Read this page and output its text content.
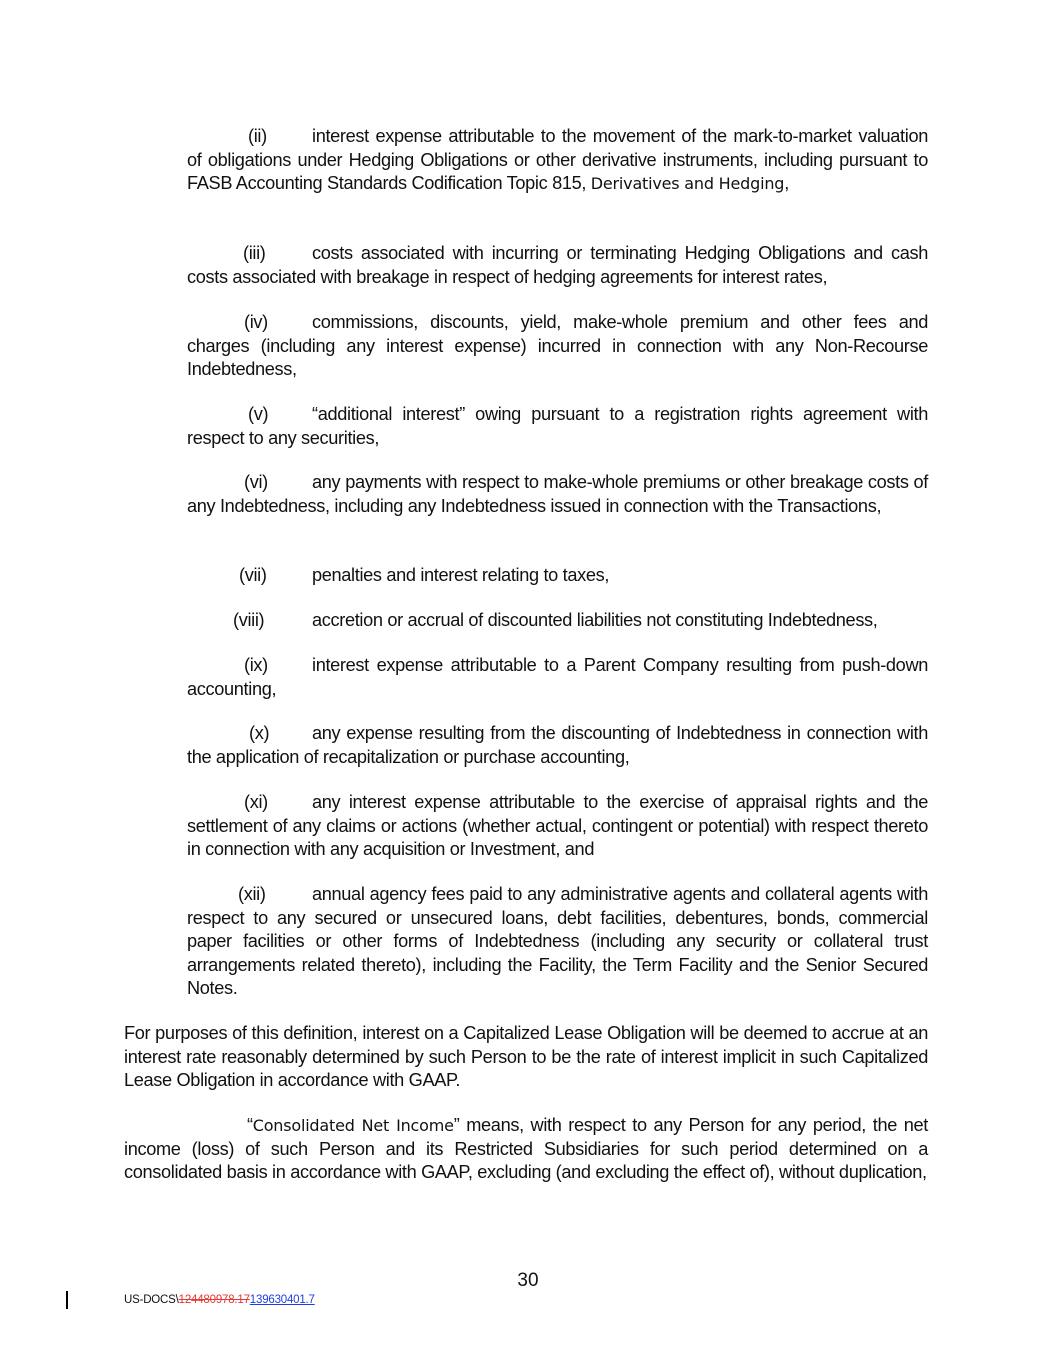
(ii) interest expense attributable to the movement of the mark-to-market valuation of obligations under Hedging Obligations or other derivative instruments, including pursuant to FASB Accounting Standards Codification Topic 815, Derivatives and Hedging,
(iii)	costs associated with incurring or terminating Hedging Obligations and cash costs associated with breakage in respect of hedging agreements for interest rates,
(iv) commissions, discounts, yield, make-whole premium and other fees and charges (including any interest expense) incurred in connection with any Non-Recourse Indebtedness,
(v) “additional interest” owing pursuant to a registration rights agreement with respect to any securities,
(vi) any payments with respect to make-whole premiums or other breakage costs of any Indebtedness, including any Indebtedness issued in connection with the Transactions,
(vii) penalties and interest relating to taxes,
(viii)	accretion or accrual of discounted liabilities not constituting Indebtedness,
(ix) interest expense attributable to a Parent Company resulting from push-down accounting,
(x) any expense resulting from the discounting of Indebtedness in connection with the application of recapitalization or purchase accounting,
(xi) any interest expense attributable to the exercise of appraisal rights and the settlement of any claims or actions (whether actual, contingent or potential) with respect thereto in connection with any acquisition or Investment, and
(xii)	annual agency fees paid to any administrative agents and collateral agents with respect to any secured or unsecured loans, debt facilities, debentures, bonds, commercial paper facilities or other forms of Indebtedness (including any security or collateral trust arrangements related thereto), including the Facility, the Term Facility and the Senior Secured Notes.
For purposes of this definition, interest on a Capitalized Lease Obligation will be deemed to accrue at an interest rate reasonably determined by such Person to be the rate of interest implicit in such Capitalized Lease Obligation in accordance with GAAP.
“Consolidated Net Income” means, with respect to any Person for any period, the net income (loss) of such Person and its Restricted Subsidiaries for such period determined on a consolidated basis in accordance with GAAP, excluding (and excluding the effect of), without duplication,
30
US-DOCS\124480978.17139630401.7
